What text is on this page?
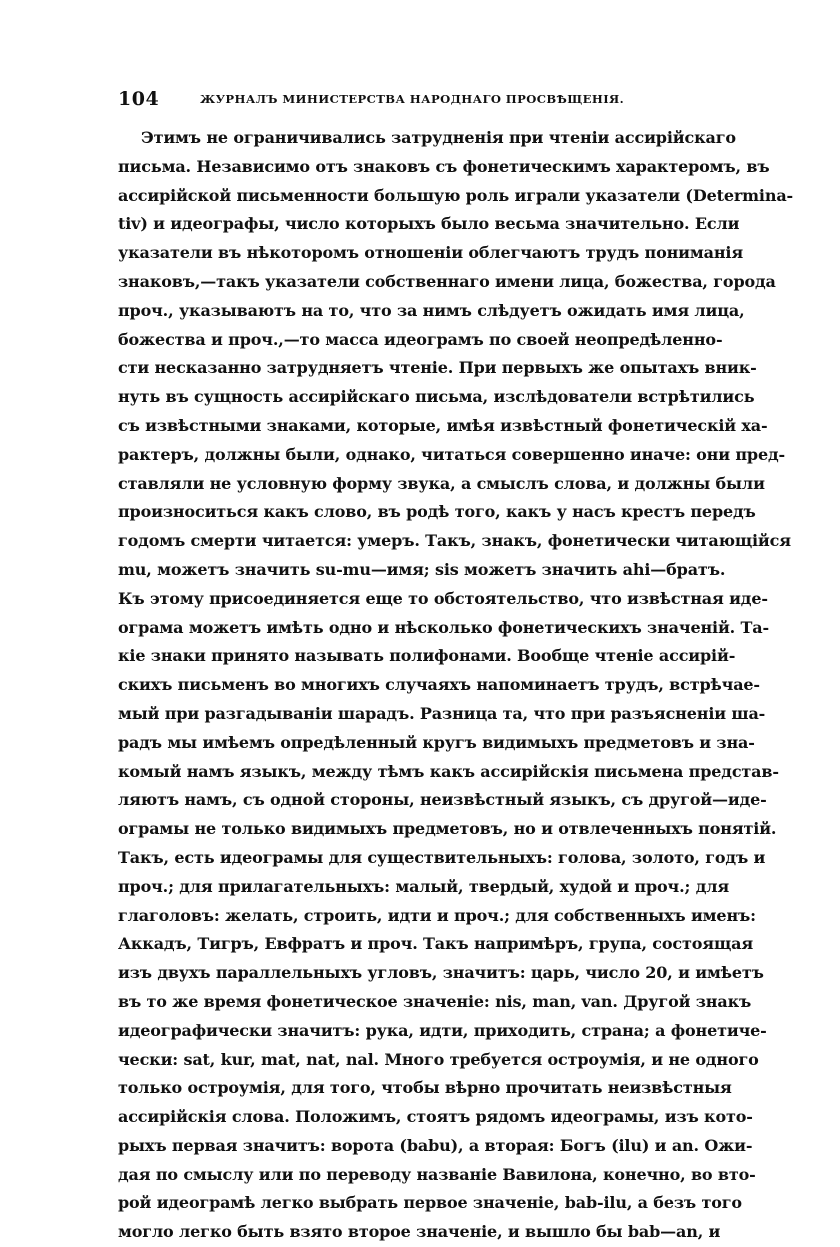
104	ЖУРНАЛЪ МИНИСТЕРСТВА НАРОДНАГО ПРОСВѢЩЕНІЯ.
Этимъ не ограничивались затрудненія при чтеніи ассирійскаго
письма. Независимо отъ знаковъ съ фонетическимъ характеромъ, въ
ассирійской письменности большую роль играли указатели (Determina-
tiv) и идеографы, число которыхъ было весьма значительно. Если
указатели въ нѣкоторомъ отношеніи облегчаютъ трудъ пониманія
знаковъ,—такъ указатели собственнаго имени лица, божества, города
проч., указываютъ на то, что за нимъ слѣдуетъ ожидать имя лица,
божества и проч.,—то масса идеограмъ по своей неопредѣленно-
сти несказанно затрудняетъ чтеніе. При первыхъ же опытахъ вник-
нуть въ сущность ассирійскаго письма, изслѣдователи встрѣтились
съ извѣстными знаками, которые, имѣя извѣстный фонетическій ха-
рактеръ, должны были, однако, читаться совершенно иначе: они пред-
ставляли не условную форму звука, а смыслъ слова, и должны были
произноситься какъ слово, въ родѣ того, какъ у насъ крестъ передъ
годомъ смерти читается: умеръ. Такъ, знакъ, фонетически читающійся
mu, можетъ значить su-mu—имя; sis можетъ значить ahi—братъ.
Къ этому присоединяется еще то обстоятельство, что извѣстная иде-
ограма можетъ имѣть одно и нѣсколько фонетическихъ значеній. Та-
кіе знаки принято называть полифонами. Вообще чтеніе ассирій-
скихъ письменъ во многихъ случаяхъ напоминаетъ трудъ, встрѣчае-
мый при разгадываніи шарадъ. Разница та, что при разъясненіи ша-
радъ мы имѣемъ опредѣленный кругъ видимыхъ предметовъ и зна-
комый намъ языкъ, между тѣмъ какъ ассирійскія письмена представ-
ляютъ намъ, съ одной стороны, неизвѣстный языкъ, съ другой—иде-
ограмы не только видимыхъ предметовъ, но и отвлеченныхъ понятій.
Такъ, есть идеограмы для существительныхъ: голова, золото, годъ и
проч.; для прилагательныхъ: малый, твердый, худой и проч.; для
глаголовъ: желать, строить, идти и проч.; для собственныхъ именъ:
Аккадъ, Тигръ, Евфратъ и проч. Такъ напримѣръ, група, состоящая
изъ двухъ параллельныхъ угловъ, значитъ: царь, число 20, и имѣетъ
въ то же время фонетическое значеніе: nis, man, van. Другой знакъ
идеографически значитъ: рука, идти, приходить, страна; а фонетиче-
чески: sat, kur, mat, nat, nal. Много требуется остроумія, и не одного
только остроумія, для того, чтобы вѣрно прочитать неизвѣстныя
ассирійскія слова. Положимъ, стоятъ рядомъ идеограмы, изъ кото-
рыхъ первая значитъ: ворота (babu), а вторая: Богъ (ilu) и an. Ожи-
дая по смыслу или по переводу названіе Вавилона, конечно, во вто-
рой идеограмѣ легко выбрать первое значеніе, bab-ilu, а безъ того
могло легко быть взято второе значеніе, и вышло бы bab—an, и
